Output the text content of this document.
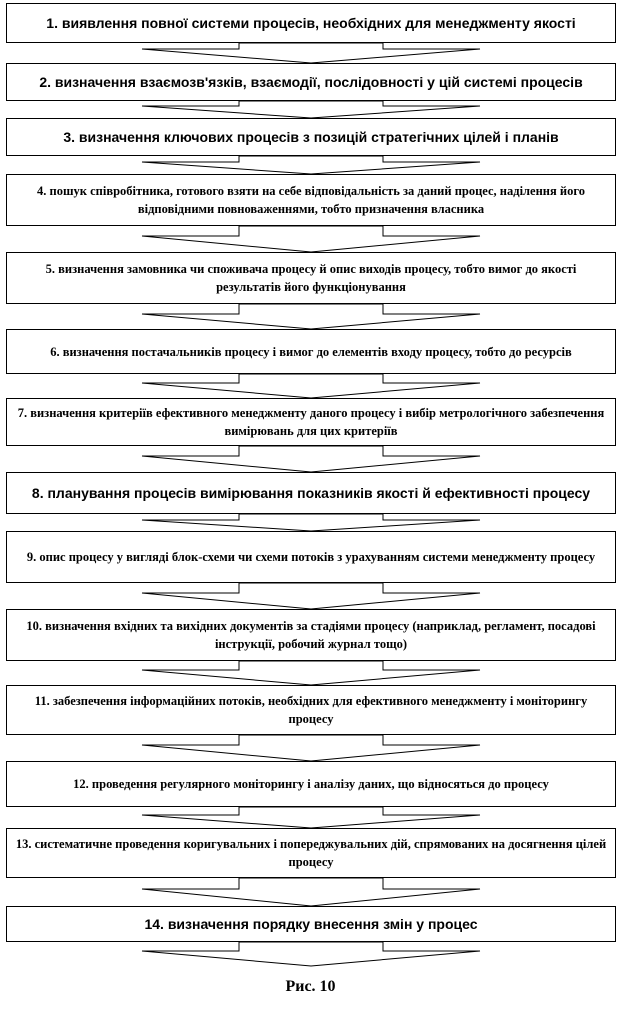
1. виявлення повної системи процесів, необхідних для менеджменту якості
2. визначення взаємозв'язків, взаємодії, послідовності у цій системі процесів
3. визначення ключових процесів з позицій стратегічних цілей і планів
4. пошук співробітника, готового взяти на себе відповідальність за даний процес, наділення його відповідними повноваженнями, тобто призначення власника
5. визначення замовника чи споживача процесу й опис виходів процесу, тобто вимог до якості результатів його функціонування
6. визначення постачальників процесу і вимог до елементів входу процесу, тобто до ресурсів
7. визначення критеріїв ефективного менеджменту даного процесу і вибір метрологічного забезпечення вимірювань для цих критеріїв
8. планування процесів вимірювання показників якості й ефективності процесу
9. опис процесу у вигляді блок-схеми чи схеми потоків з урахуванням системи менеджменту процесу
10. визначення вхідних та вихідних документів за стадіями процесу (наприклад, регламент, посадові інструкції, робочий журнал тощо)
11. забезпечення інформаційних потоків, необхідних для ефективного менеджменту і моніторингу процесу
12. проведення регулярного моніторингу і аналізу даних, що відносяться до процесу
13. систематичне проведення коригувальних і попереджувальних дій, спрямованих на досягнення цілей процесу
14. визначення порядку внесення змін у процес
Рис. 10
